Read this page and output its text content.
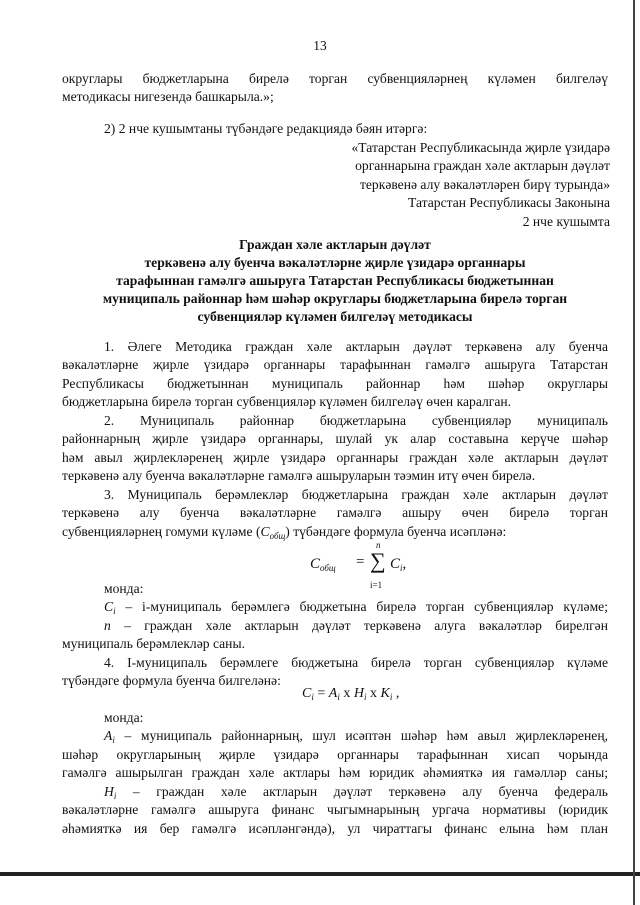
13
округлары бюджетларына бирелә торган субвенцияләрнең күләмен билгеләү
методикасы нигезендә башкарыла.»;
2) 2 нче кушымтаны түбәндәге редакциядә бәян итәргә:
«Татарстан Республикасында җирле үзидарә
органнарына граждан хәле актларын дәүләт
теркәвенә алу вәкаләтләрен бирү турында»
Татарстан Республикасы Законына
2 нче кушымта
Граждан хәле актларын дәүләт
теркәвенә алу буенча вәкаләтләрне җирле үзидарә органнары
тарафыннан гамәлгә ашыруга Татарстан Республикасы бюджетыннан
муниципаль районнар һәм шәһәр округлары бюджетларына бирелә торган
субвенцияләр күләмен билгеләү методикасы
1. Әлеге Методика граждан хәле актларын дәүләт теркәвенә алу буенча
вәкаләтләрне җирле үзидарә органнары тарафыннан гамәлгә ашыруга Татарстан
Республикасы бюджетыннан муниципаль районнар һәм шәһәр округлары
бюджетларына бирелә торган субвенцияләр күләмен билгеләү өчен каралган.
2. Муниципаль районнар бюджетларына субвенцияләр муниципаль
районнарның җирле үзидарә органнары, шулай ук алар составына керүче шәһәр
һәм авыл җирлекләренең җирле үзидарә органнары граждан хәле актларын дәүләт
теркәвенә алу буенча вәкаләтләрне гамәлгә ашыруларын тәэмин итү өчен бирелә.
3. Муниципаль берәмлекләр бюджетларына граждан хәле актларын дәүләт
теркәвенә алу буенча вәкаләтләрне гамәлгә ашыру өчен бирелә торган
субвенцияләрнең гомуми күләме $(C_{общ})$ түбәндәге формула буенча исәпләнә:
$C_{общ}$ =
n
∑
i=1
$C_i$,
монда:
$C_i$ – i-муниципаль берәмлегә бюджетына бирелә торган субвенцияләр күләме;
n – граждан хәле актларын дәүләт теркәвенә алуга вәкаләтләр бирелгән
муниципаль берәмлекләр саны.
4. I-муниципаль берәмлеге бюджетына бирелә торган субвенцияләр күләме
түбәндәге формула буенча билгеләнә:
$C_i = A_i$ x $H_i$ x $K_i$ ,
монда:
$A_i$ – муниципаль районнарның, шул исәптән шәһәр һәм авыл җирлекләренең,
шәһәр округларының җирле үзидарә органнары тарафыннан хисап чорында
гамәлгә ашырылган граждан хәле актлары һәм юридик әһәмияткә ия гамәлләр саны;
$H_i$ – граждан хәле актларын дәүләт теркәвенә алу буенча федераль
вәкаләтләрне гамәлгә ашыруга финанс чыгымнарының ургача нормативы (юридик
әһәмияткә ия бер гамәлгә исәпләнгәндә), ул чираттагы финанс елына һәм план
